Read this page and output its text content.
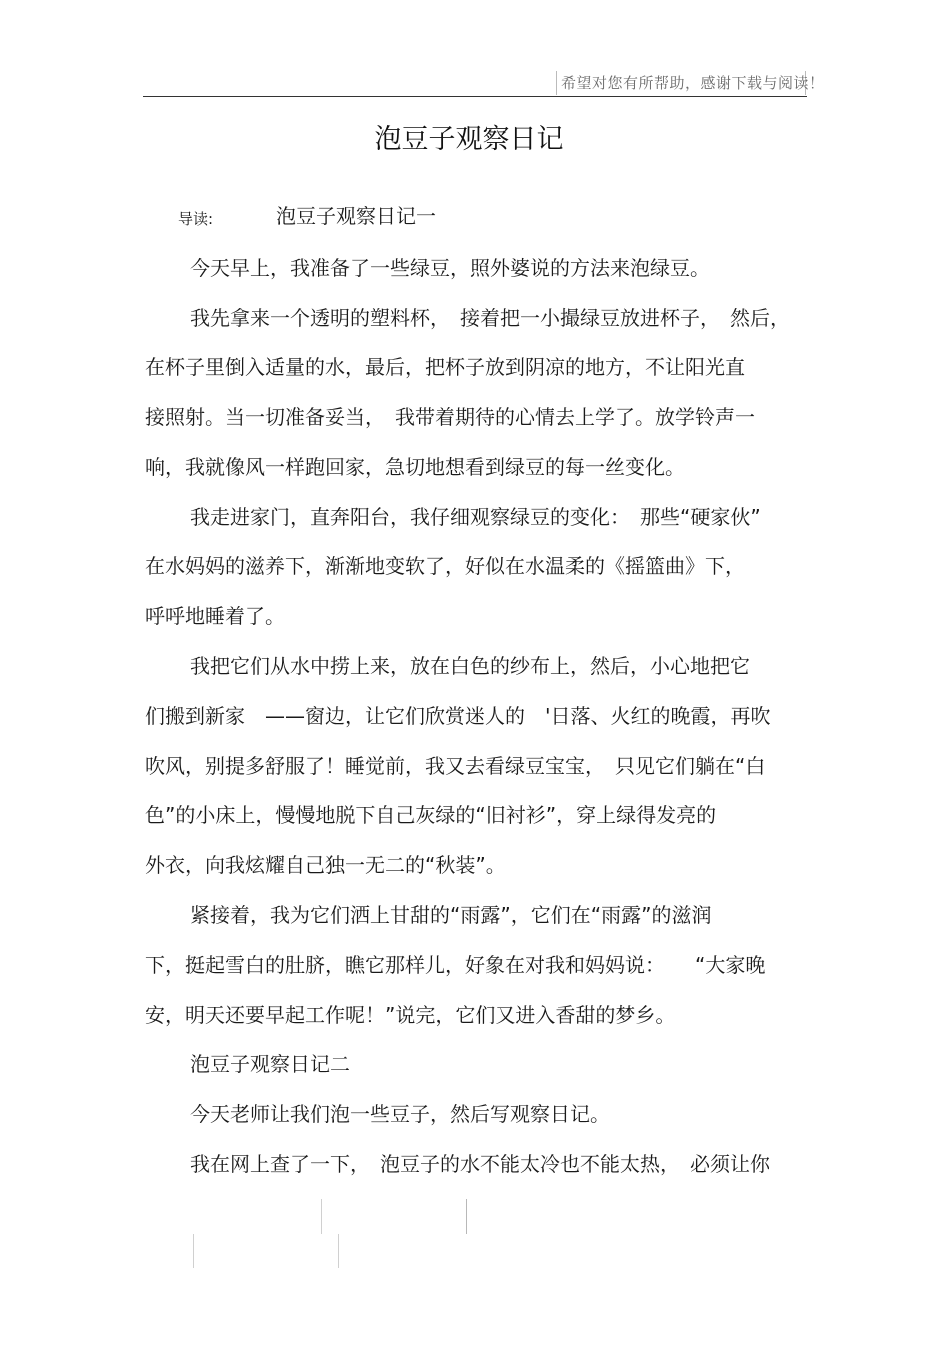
希望对您有所帮助，感谢下载与阅读！
泡豆子观察日记
导读:	泡豆子观察日记一
今天早上，我准备了一些绿豆，照外婆说的方法来泡绿豆。
我先拿来一个透明的塑料杯，　接着把一小撮绿豆放进杯子，　然后，
在杯子里倒入适量的水，最后，把杯子放到阴凉的地方，不让阳光直
接照射。当一切准备妥当，　我带着期待的心情去上学了。放学铃声一
响，我就像风一样跑回家，急切地想看到绿豆的每一丝变化。
我走进家门，直奔阳台，我仔细观察绿豆的变化：　那些“硬家伙”
在水妈妈的滋养下，渐渐地变软了，好似在水温柔的《摇篮曲》下，
呼呼地睡着了。
我把它们从水中捞上来，放在白色的纱布上，然后，小心地把它
们搬到新家　——窗边，让它们欣赏迷人的　'日落、火红的晚霞，再吹
吹风，别提多舒服了！睡觉前，我又去看绿豆宝宝，　只见它们躺在“白
色”的小床上，慢慢地脱下自己灰绿的“旧衬衫”，穿上绿得发亮的
外衣，向我炫耀自己独一无二的“秋装”。
紧接着，我为它们洒上甘甜的“雨露”，它们在“雨露”的滋润
下，挺起雪白的肚脐，瞧它那样儿，好象在对我和妈妈说：　　“大家晚
安，明天还要早起工作呢！”说完，它们又进入香甜的梦乡。
泡豆子观察日记二
今天老师让我们泡一些豆子，然后写观察日记。
我在网上查了一下，　泡豆子的水不能太冷也不能太热，　必须让你
